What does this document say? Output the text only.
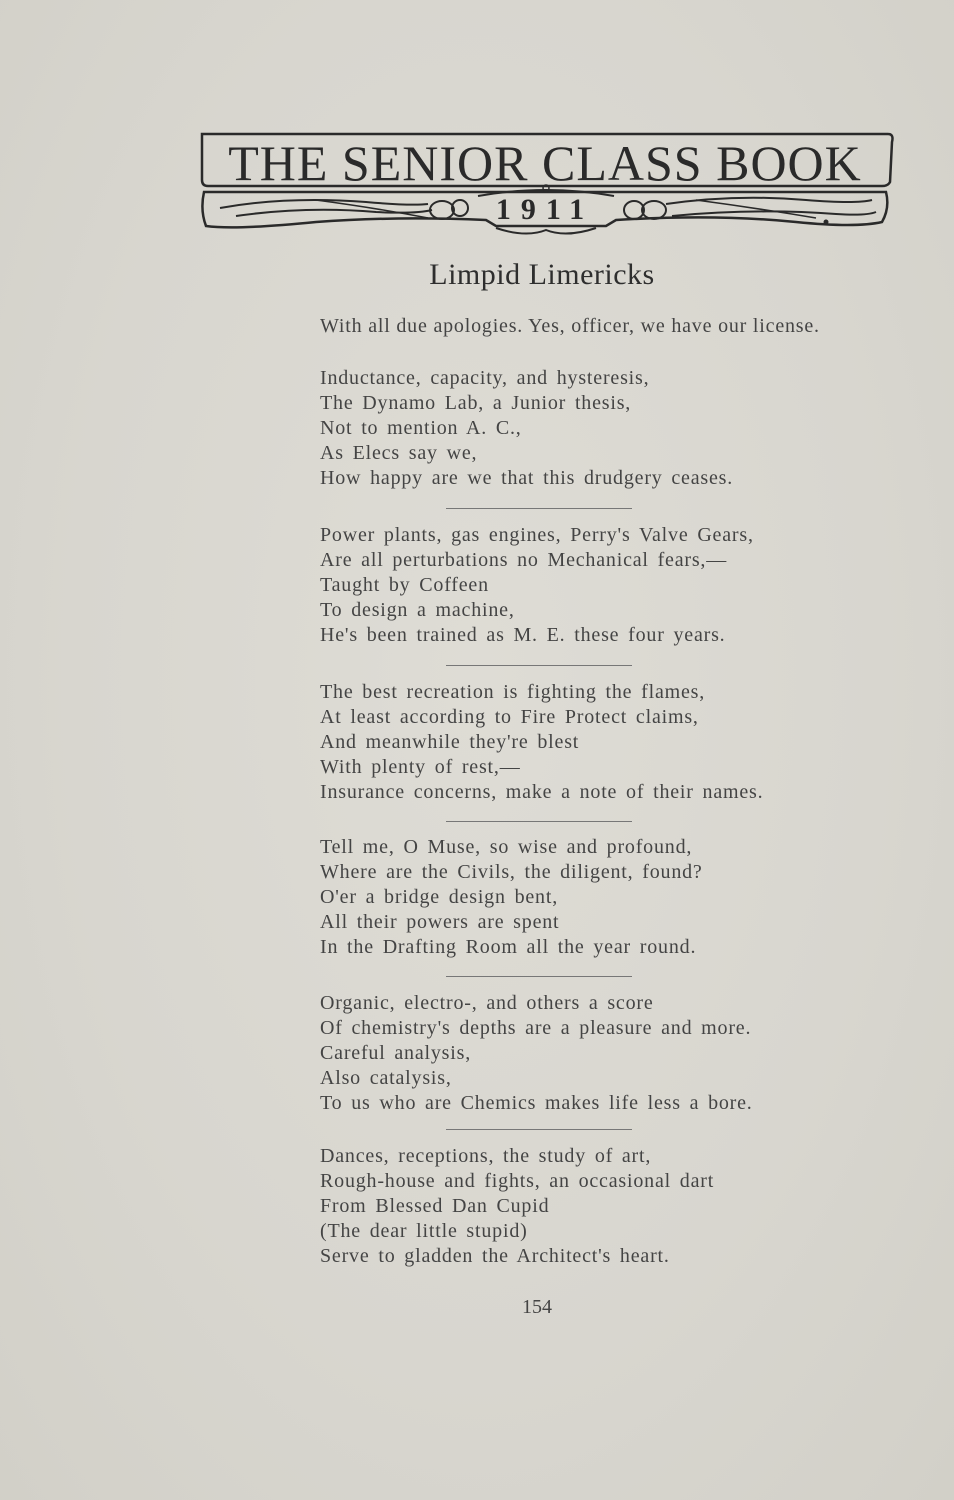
THE SENIOR CLASS BOOK
1911
Limpid Limericks
With all due apologies. Yes, officer, we have our license.
Inductance, capacity, and hysteresis,
The Dynamo Lab, a Junior thesis,
Not to mention A. C.,
As Elecs say we,
How happy are we that this drudgery ceases.
Power plants, gas engines, Perry's Valve Gears,
Are all perturbations no Mechanical fears,—
Taught by Coffeen
To design a machine,
He's been trained as M. E. these four years.
The best recreation is fighting the flames,
At least according to Fire Protect claims,
And meanwhile they're blest
With plenty of rest,—
Insurance concerns, make a note of their names.
Tell me, O Muse, so wise and profound,
Where are the Civils, the diligent, found?
O'er a bridge design bent,
All their powers are spent
In the Drafting Room all the year round.
Organic, electro-, and others a score
Of chemistry's depths are a pleasure and more.
Careful analysis,
Also catalysis,
To us who are Chemics makes life less a bore.
Dances, receptions, the study of art,
Rough-house and fights, an occasional dart
From Blessed Dan Cupid
(The dear little stupid)
Serve to gladden the Architect's heart.
154
